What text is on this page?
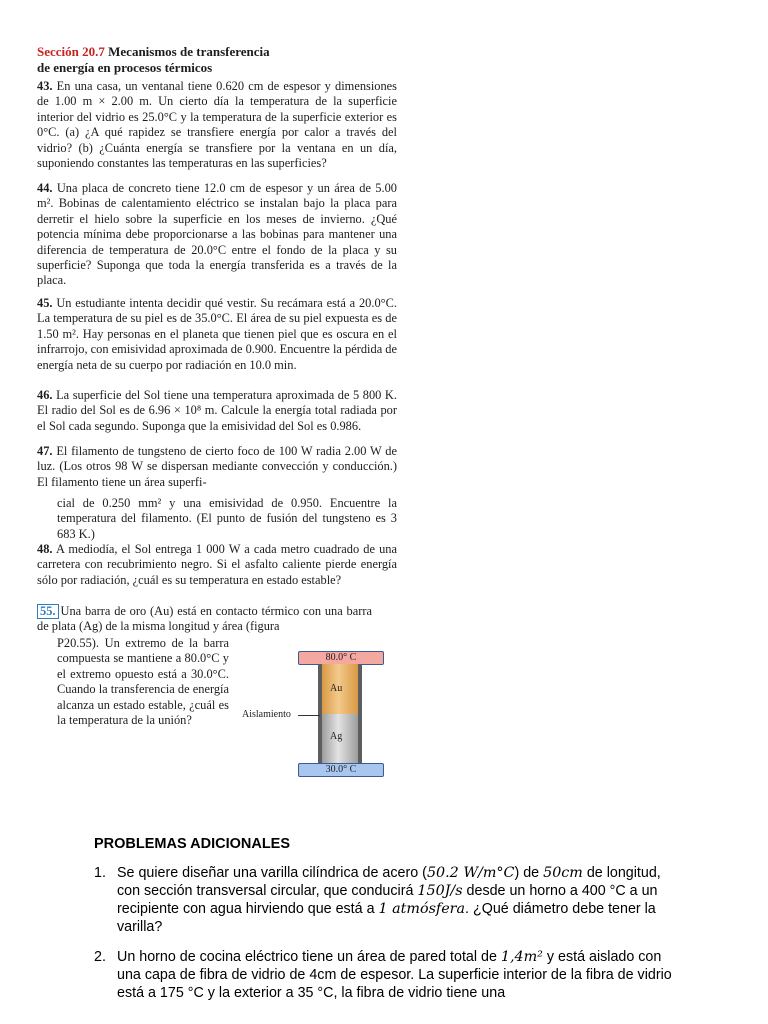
Sección 20.7 Mecanismos de transferencia
de energía en procesos térmicos
43. En una casa, un ventanal tiene 0.620 cm de espesor y dimensiones de 1.00 m × 2.00 m. Un cierto día la temperatura de la superficie interior del vidrio es 25.0°C y la temperatura de la superficie exterior es 0°C. (a) ¿A qué rapidez se transfiere energía por calor a través del vidrio? (b) ¿Cuánta energía se transfiere por la ventana en un día, suponiendo constantes las temperaturas en las superficies?
44. Una placa de concreto tiene 12.0 cm de espesor y un área de 5.00 m². Bobinas de calentamiento eléctrico se instalan bajo la placa para derretir el hielo sobre la superficie en los meses de invierno. ¿Qué potencia mínima debe proporcionarse a las bobinas para mantener una diferencia de temperatura de 20.0°C entre el fondo de la placa y su superficie? Suponga que toda la energía transferida es a través de la placa.
45. Un estudiante intenta decidir qué vestir. Su recámara está a 20.0°C. La temperatura de su piel es de 35.0°C. El área de su piel expuesta es de 1.50 m². Hay personas en el planeta que tienen piel que es oscura en el infrarrojo, con emisividad aproximada de 0.900. Encuentre la pérdida de energía neta de su cuerpo por radiación en 10.0 min.
46. La superficie del Sol tiene una temperatura aproximada de 5 800 K. El radio del Sol es de 6.96 × 10⁸ m. Calcule la energía total radiada por el Sol cada segundo. Suponga que la emisividad del Sol es 0.986.
47. El filamento de tungsteno de cierto foco de 100 W radia 2.00 W de luz. (Los otros 98 W se dispersan mediante convección y conducción.) El filamento tiene un área superfi-
cial de 0.250 mm² y una emisividad de 0.950. Encuentre la temperatura del filamento. (El punto de fusión del tungsteno es 3 683 K.)
48. A mediodía, el Sol entrega 1 000 W a cada metro cuadrado de una carretera con recubrimiento negro. Si el asfalto caliente pierde energía sólo por radiación, ¿cuál es su temperatura en estado estable?
55. Una barra de oro (Au) está en contacto térmico con una barra de plata (Ag) de la misma longitud y área (figura
P20.55). Un extremo de la barra compuesta se mantiene a 80.0°C y el extremo opuesto está a 30.0°C. Cuando la transferencia de energía alcanza un estado estable, ¿cuál es la temperatura de la unión?
80.0° C
Au
Ag
Aislamiento
30.0° C
PROBLEMAS ADICIONALES
1. Se quiere diseñar una varilla cilíndrica de acero (50.2 W/m°C) de 50cm de longitud, con sección transversal circular, que conducirá 150J/s desde un horno a 400 °C a un recipiente con agua hirviendo que está a 1 atmósfera. ¿Qué diámetro debe tener la varilla?
2. Un horno de cocina eléctrico tiene un área de pared total de 1,4m² y está aislado con una capa de fibra de vidrio de 4cm de espesor. La superficie interior de la fibra de vidrio está a 175 °C y la exterior a 35 °C, la fibra de vidrio tiene una
